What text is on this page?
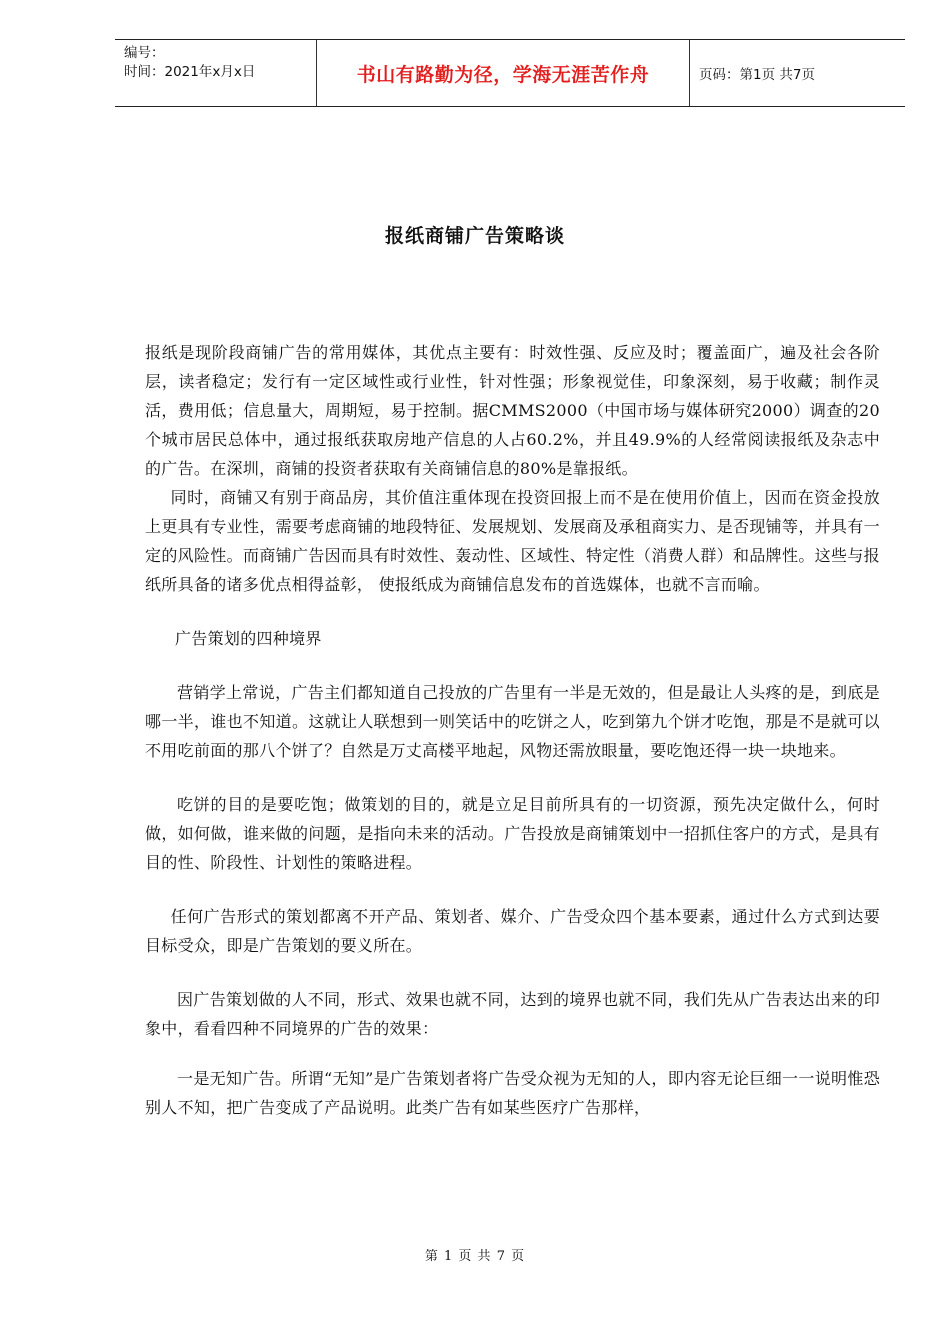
编号：
时间：2021年x月x日	书山有路勤为径，学海无涯苦作舟	页码：第1页 共7页
报纸商铺广告策略谈

报纸是现阶段商铺广告的常用媒体，其优点主要有：时效性强、反应及时；覆盖面广，遍及社会各阶层，读者稳定；发行有一定区域性或行业性，针对性强；形象视觉佳，印象深刻，易于收藏；制作灵活，费用低；信息量大，周期短，易于控制。据CMMS2000（中国市场与媒体研究2000）调查的20个城市居民总体中，通过报纸获取房地产信息的人占60.2%，并且49.9%的人经常阅读报纸及杂志中的广告。在深圳，商铺的投资者获取有关商铺信息的80%是靠报纸。

同时，商铺又有别于商品房，其价值注重体现在投资回报上而不是在使用价值上，因而在资金投放上更具有专业性，需要考虑商铺的地段特征、发展规划、发展商及承租商实力、是否现铺等，并具有一定的风险性。而商铺广告因而具有时效性、轰动性、区域性、特定性（消费人群）和品牌性。这些与报纸所具备的诸多优点相得益彰， 使报纸成为商铺信息发布的首选媒体，也就不言而喻。

广告策划的四种境界

营销学上常说，广告主们都知道自己投放的广告里有一半是无效的，但是最让人头疼的是，到底是哪一半，谁也不知道。这就让人联想到一则笑话中的吃饼之人，吃到第九个饼才吃饱，那是不是就可以不用吃前面的那八个饼了？自然是万丈高楼平地起，风物还需放眼量，要吃饱还得一块一块地来。

吃饼的目的是要吃饱；做策划的目的，就是立足目前所具有的一切资源，预先决定做什么，何时做，如何做，谁来做的问题，是指向未来的活动。广告投放是商铺策划中一招抓住客户的方式，是具有目的性、阶段性、计划性的策略进程。

任何广告形式的策划都离不开产品、策划者、媒介、广告受众四个基本要素，通过什么方式到达要目标受众，即是广告策划的要义所在。

因广告策划做的人不同，形式、效果也就不同，达到的境界也就不同，我们先从广告表达出来的印象中，看看四种不同境界的广告的效果：

一是无知广告。所谓“无知”是广告策划者将广告受众视为无知的人，即内容无论巨细一一说明惟恐别人不知，把广告变成了产品说明。此类广告有如某些医疗广告那样，

第 1 页 共 7 页
